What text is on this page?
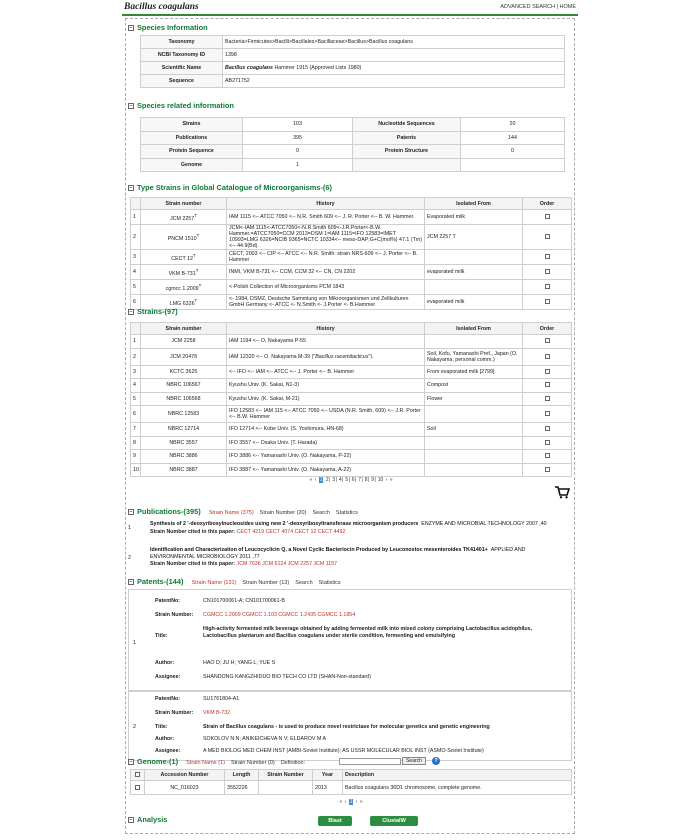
Bacillus coagulans	ADVANCED SEARCH | HOME
− Species Information
Taxonomy	Bacteria>Firmicutes>Bacilli>Bacillales>Bacillaceae>Bacillus>Bacillus coagulans
NCBI Taxonomy ID	1398
Scientific Name	Bacillus coagulans Hammer 1915 (Approved Lists 1980)
Sequence	AB271752
− Species related information
Strains	103	Nucleotide Sequences	20
Publications	395	Patents	144
Protein Sequence	0	Protein Structure	0
Genome	1		
− Type Strains in Global Catalogue of Microorganisms-(6)
	Strain number	History	Isolated From	Order
1	JCM $2257^T$	IAM 1115 <-- ATCC 7050 <-- N.R. Smith 609 <-- J. R. Porter <-- B. W. Hammer.	Evaporated milk	
2	PNCM $1510^T$	JCM<-IAM 1115<-ATCC7050<-N.R.Smith 609<-J.R.Porter<-B.W. Hammer.=ATCC7050=CCM 2013=DSM 1=IAM 1115=IFO 12583=IMET 10993=LMG 6326=NCIB 9365=NCTC 10334<-- meso-DAP;G+C(mol%) 47.1 (Tm)<-- 44.9(Bd).	JCM 2257 T	
3	CECT $12^T$	CECT, 2003 <-- CIP <-- ATCC <-- N.R. Smith: strain NRS-609 <-- J. Porter <-- B. Hammer		
4	VKM $B-731^T$	INMI, VKM B-731 <-- CCM, CCM 32 <-- CN, CN 2202	evaporated milk	
5	cgmcc $1.2009^T$	<-Polish Collection of Microorganisms PCM 1843		
6	LMG $6326^T$	<- 1984, DSMZ, Deutsche Sammlung von Mikroorganismen und Zellkulturen GmbH Germany <- ATCC <- N.Smith <- J.Porter <- B.Hammer	evaporated milk	
− Strains-(97)
	Strain number	History	Isolated From	Order
1	JCM 2258	IAM 1194 <-- O. Nakayama P-55		
2	JCM 20478	IAM 12320 <-- O. Nakayama M-39 ("Bacillus racemilacticus").	Soil, Kofu, Yamanashi Pref., Japan (O. Nakayama, personal comm.)	
3	KCTC 3625	<-- IFO <-- IAM <-- ATCC <-- J. Porter <-- B. Hammer	From evaporated milk [2799]	
4	NBRC 106567	Kyushu Univ. (K. Sakai, N1-3)	Compost	
5	NBRC 106568	Kyushu Univ. (K. Sakai, M-21)	Flower	
6	NBRC 12583	IFO 12583 <-- IAM 115 <-- ATCC 7050 <-- USDA (N.R. Smith, 609) <-- J.R. Porter <-- B.W. Hammer		
7	NBRC 12714	IFO 12714 <-- Kobe Univ. (S. Yoshimura, HN-68)	Soil	
8	NBRC 3557	IFO 3557 <-- Osaka Univ. (T. Harada)		
9	NBRC 3886	IFO 3886 <-- Yamanashi Univ. (O. Nakayama, P-22)		
10	NBRC 3887	IFO 3887 <-- Yamanashi Univ. (O. Nakayama, A-22)		
« ‹ 1 2| 3| 4| 5| 6| 7| 8| 9| 10 › »
− Publications-(395) Strain Name (375) Strain Number (20) Search Statistics
1
Synthesis of 2 '-deoxyribosylnucleosides using new 2 '-deoxyribosyltransferase microorganism producers ENZYME AND MICROBIAL TECHNOLOGY 2007 ,40
Strain Number cited in this paper: CECT 4219 CECT 4074 CECT 12 CECT 4492
2
Identification and Characterization of Leucocyclicin Q, a Novel Cyclic Bacteriocin Produced by Leuconostoc mesenteroides TK41401+ APPLIED AND ENVIRONMENTAL MICROBIOLOGY 2011 ,77
Strain Number cited in this paper: JCM 7636 JCM 6124 JCM 2257 JCM 1157
− Patents-(144) Strain Name (131) Strain Number (13) Search Statistics
1
PatentNo:	CN101700061-A; CN101700061-B
Strain Number:	CGMCC 1.2009 CGMCC 1.103 CGMCC 1.2435 CGMCC 1.1854
Title:
High-activity fermented milk beverage obtained by adding fermented milk into mixed colony comprising Lactobacillus acidophilus, Lactobacillus plantarum and Bacillus coagulans under sterile condition, fermenting and emulsifying
Author:	HAO D; JU H; YANG L; YUE S
Assignee:	SHANDONG KANGZHIDUO BIO TECH CO LTD (SHAN-Non-standard)
2
PatentNo:	SU1761804-A1
Strain Number:	VKM B-732
Title:	Strain of Bacillus coagulans - is used to produce novel restrictase for molecular genetics and genetic engineering
Author:	SOKOLOV N N; ANIKEICHEVA N V; ELDAROV M A
Assignee:	A MED BIOLOG MED CHEM INST (AMBI-Soviet Institute); AS USSR MOLECULAR BIOL INST (ASMO-Soviet Institute)
− Genome-(1) Strain Name (1) Strain Number (0) Definition:	Search	?
	Accession Number	Length	Strain Number	Year	Description
	NC_016023	3552226		2013	Bacillus coagulans 36D1 chromosome, complete genome.
« ‹ 1 › »
− Analysis	Blast	ClustalW
